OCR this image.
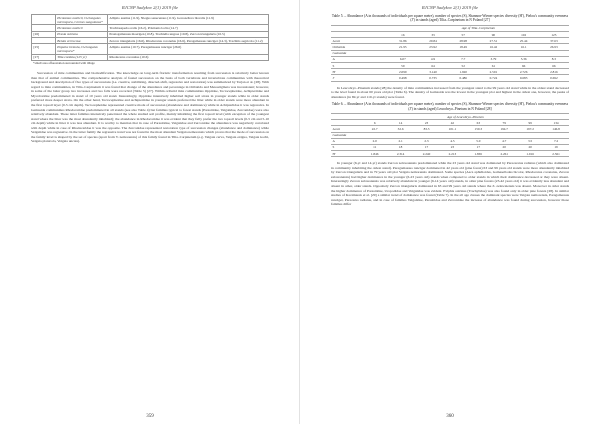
RJCNP Sadykov 2(1) 2019 file
	Picoiamus ovalicii, O.elongatus microspora, Cermes sanguinosa*	Alliptio austina (11.9), Niegus senecensus (11.9), Gonozellora litoralis (11.9)
	Picoiamus ovalicii	Trachiasspeda oralis (16.2), Pristionis lociis (14.7)
[26]	Prasia subrena	Prasiogamassus moerigen (10.8), Trachiella ungosa (10.8), Zercon triangularis (10.5)
	Betula verrucosa	Zercon triangularis (16.6), Rhodacarus coronalus (16.6), Paragamassus runciger (14.3), Trachitis aegricola (11.2)
[25]	Populus tremula, O.elongatus microspora*	Alliptio austina (10.7), Paragamassus runciger (26.6)
[27]	Tilia cordata (125 yr)	Rhodacarus coronalus (10.6)
*small area afforestation surrounded with tillage		

Succession of mite communities and biomodification. The knowledge on long-term floristic transformation resulting from succession is relatively better known than that of animal communities. The comprehensive analysis of faunal succession on the basis of both vertebrate and invertebrate communities with theoretical background and description of five types of successions (i.e. creative, stabilizing, directed-shift, regressive and restoration) was summarized by Tarjan et al. [28]. With regard to mite communities, in Tilia–Carpinetum it was found that change of the abundance and percentage in Oribatida and Mesostigmata was inconsistent; however, in some of the latter group two increases and two falls were recorded (Table 5) [27]. Within oribatid mite communities Oppiidae, Tectocepheidae, Achipteriidae and Mycobatidae predominated in stand of 10 years old stand. Interestingly, Oppiidae intensively inhabited higher soil strata in younger stands while in older stands preferred more deeper strata. On the other hand, Tectocepheidae and Achipteriidae in younger stands preferred the litter while in older stands were more abundant in the first topsoil layer (0-5 cm depth). Tectocepheidae represented creative mode of succession (abundance and dominance) while in Achipteriidae it was regressive. In Gamasida communities Rhodacaridae predominated in all stands (see also Table 4) but families typical to forest stands (Parasitidae, Veigaiidae, Zerconidae) were also relatively abundant. These latter families intensively penetrated the whole studied soil profile, mainly inhabiting the first topsoil level (with exception of the youngest stand where the litter was the most abundantly inhabited); the abundance in Rhodacaridae it was evident that they fully prefer the two topsoil levels (0-5 cm and 5-10 cm depth) while in litter it was less abundant. It is worthy to mention that in case of Parasitidae, Veigaiidae and Zerconidae the abundance was negatively correlated with depth while in case of Rhodacaridae it was the opposite. The Zerconidae represented restoration type of succession changes (abundance and dominance) while Veigaiidae was regressive. In the latter family the regressive trend was not found in the most abundant Veigaia nemorensis which proves that the mode of succession on the family level is shaped by the set of species (apart from V. nemorensis) of this family found in Tilia–Carpinetum (e.g. Veigaia cerva, Veigaia exigua, Veigaia kochi, Veigaia planicola, Veigaia uncata).

359
RJCNP Sadykov 2(1) 2019 file

Table 5. – Abundance (A in thousands of individuals per square metre), number of species (S), Shannon-Wiener species diversity (H'), Pielou's community evenness (J') in stands (aged) Tilia–Carpinetum in N Poland [27]

	Age of Tilia–Carpinetum					
	16	33	57	90	102	125
Acari	31.86	29.84	28.98	27.51	25.44	37.63
Oribatida	21.95	23.92	18.49	16.42	16.1	26.93
Gamasida						
A	6.07	4.9	7.7	3.79	5.36	8.3
S	59	64	52	61	66	66
H'	2.099	3.140	1.920	2.591	2.726	2.816
J'	0.498	0.735	0.486	0.724	0.683	0.692

In Leucobryo–Pinetum stands [28] the density of mite communities increased from the youngest stand to the 99 years old stand while in the oldest stand decreased to the level found in about 60 years old plot (Table 6). The density of Gamasida was the lowest in the youngest plot and highest in the oldest one, however, the peaks of abundance (in 69-yr and 110-yr stands) were found.

Table 6. – Abundance (A in thousands of individuals per square metre), number of species (S), Shannon-Wiener species diversity (H'), Pielou's community evenness (J') in stands (aged) Leucobryo–Pinetum in N Poland [28]

	Age of Leucobryo–Pinetum							
	6	14	23	42	63	79	99	134
Acari	22.7	32.6	83.3	101.1	159.3	194.7	197.2	146.8
Gamasida								
A	2.0	2.1	2.3	4.5	5.0	4.7	3.5	7.2
S	11	18	17	23	17	20	20	19
H'	1.846	2.314	2.240	2.213	1.865	2.261	1.916	2.361

In younger (6-yr and 14-yr) stands Zercon zelawaiensis predominated while the 23 years old stand was dominated by Paraceratus radiatus (which also dominated in community inhabiting the oldest stand). Paragamassus runciger dominated in 42 years old (pine forest) 63 and 99 years old stands were more abundantly inhabited by Zercon triangularis and in 79 years old plot Veigaia nemorensis dominated. Some species (Asca aphidioides, Gamasellodes bicolor, Rhodacarus coronatus, Zercon zelawaiensis) had higher dominance in the younger (6-23 years old) stands when compared to older stands in which their dominance decreased or they were absent. Interestingly Zercon zelawaiensis was relatively abundant in younger (6-14 years old) stands, in older pine forests (23-42 years old) it was evidently less abundant and absent in other, older stands. Oppositely Zercon triangularis dominated in 63 and 99 years old stands where the Z. zelawaiensis was absent. Moreover in older stands the higher dominance of Parasitidae, Uropodidae and Veigaiidae was evident. Eviphis ostrinus (Trachytidae) was also found only in older pine forests [28]. In similar studies of Kaczmarek et al. [29] a similar trend of dominance was found (Table 7). In the all age classes the dominant species were Veigaia nemorensis, Paragamassus runciger, Paracerus radiatus, and in case of families Veigaiidae, Parasitidae and Zerconidae the increase of abundance was found during succession, however those families differ

360
